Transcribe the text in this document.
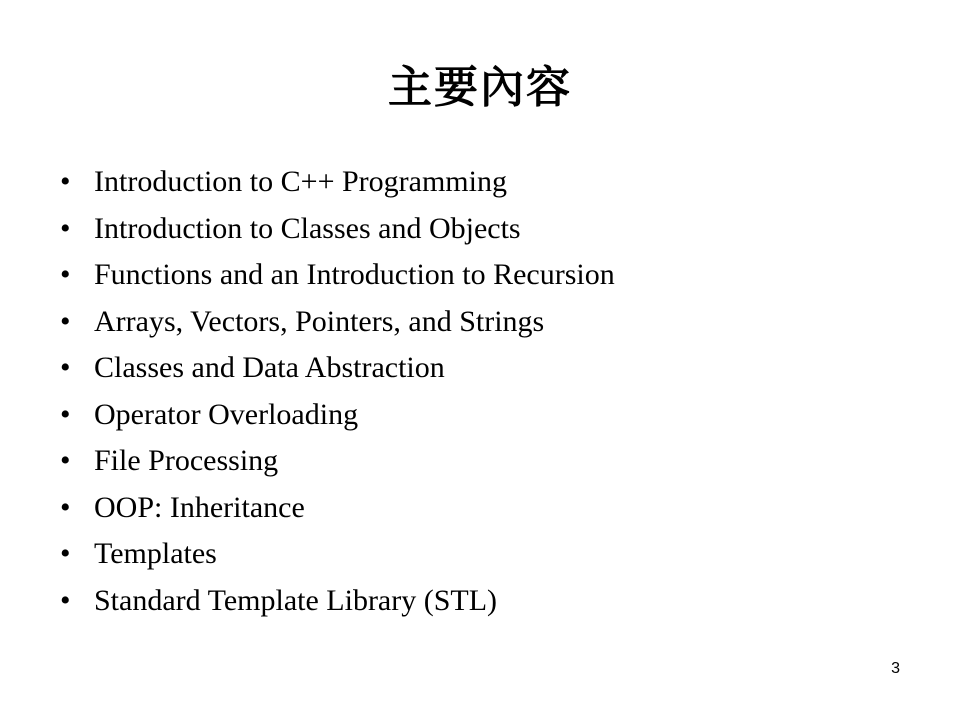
主要內容
• Introduction to C++ Programming
• Introduction to Classes and Objects
• Functions and an Introduction to Recursion
• Arrays, Vectors, Pointers, and Strings
• Classes and Data Abstraction
• Operator Overloading
• File Processing
• OOP: Inheritance
• Templates
• Standard Template Library (STL)
3
